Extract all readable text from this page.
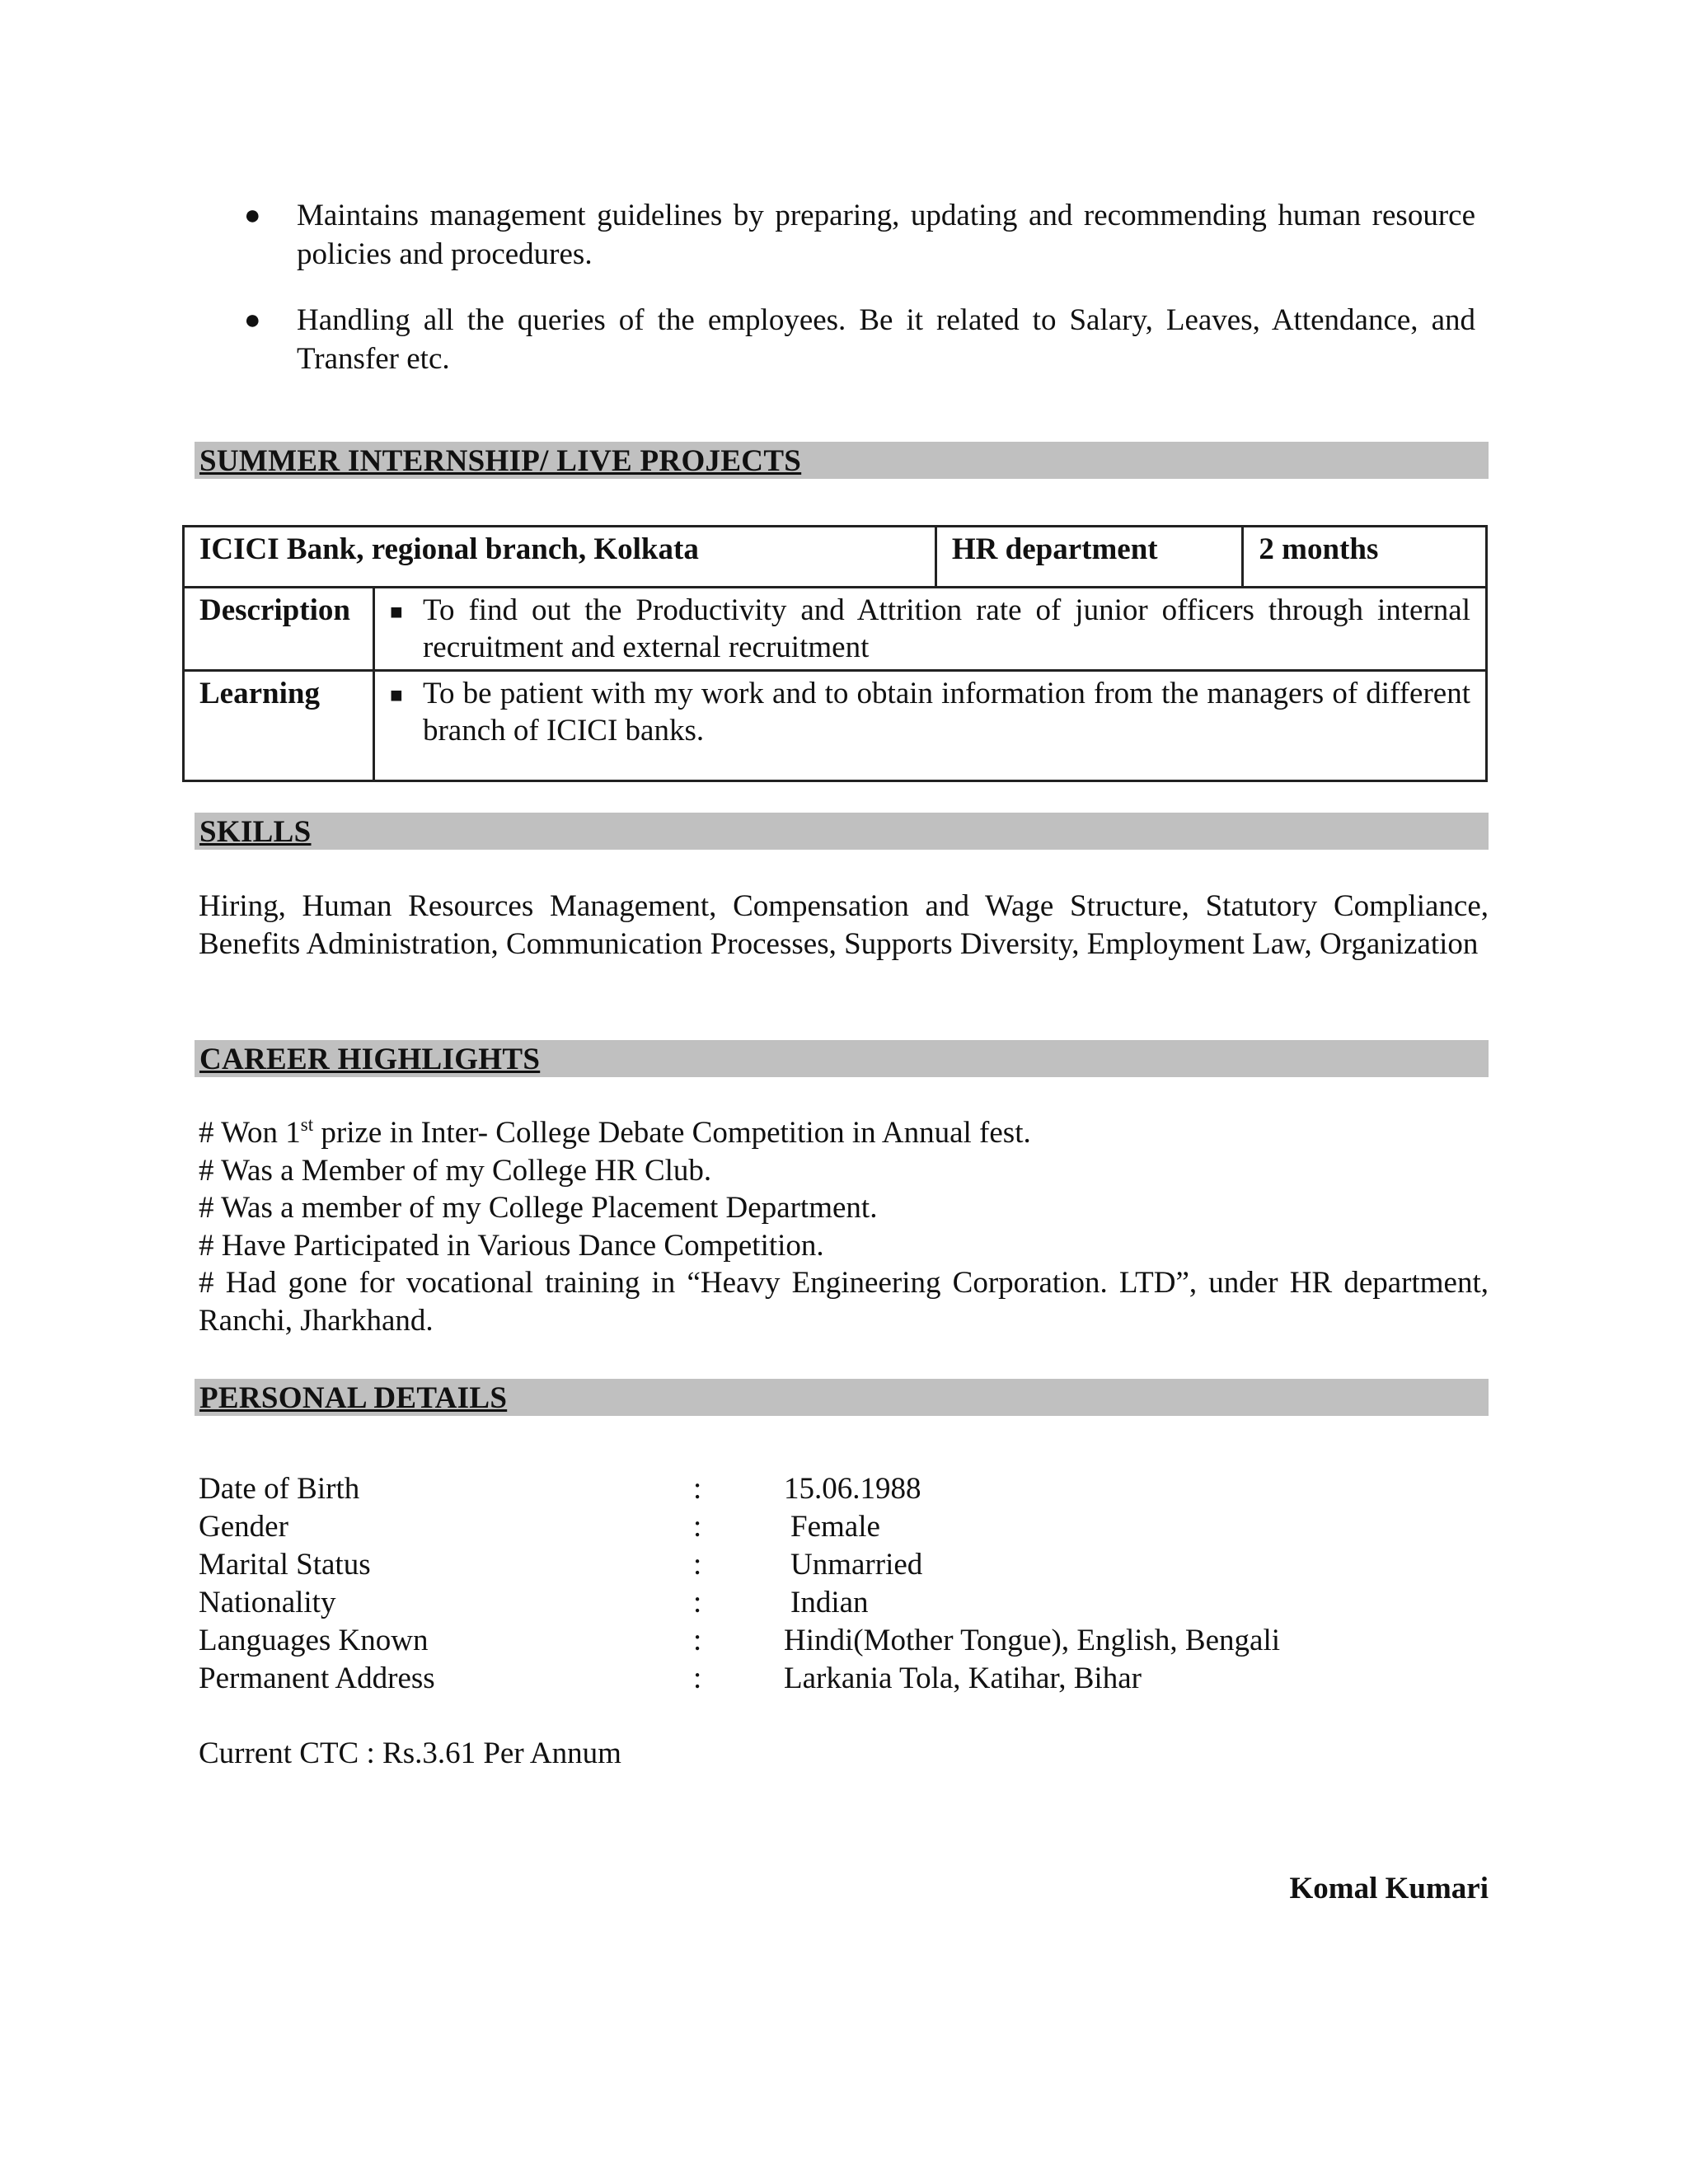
● Maintains management guidelines by preparing, updating and recommending human resource policies and procedures.
● Handling all the queries of the employees. Be it related to Salary, Leaves, Attendance, and Transfer etc.
SUMMER INTERNSHIP/ LIVE PROJECTS
ICICI Bank, regional branch, Kolkata		HR department	2 months
Description	■ To find out the Productivity and Attrition rate of junior officers through internal recruitment and external recruitment		

Learning	■ To be patient with my work and to obtain information from the managers of different branch of ICICI banks.		
SKILLS
Hiring, Human Resources Management, Compensation and Wage Structure, Statutory Compliance, Benefits Administration, Communication Processes, Supports Diversity, Employment Law, Organization
CAREER HIGHLIGHTS
# Won 1st prize in Inter- College Debate Competition in Annual fest.
# Was a Member of my College HR Club.
# Was a member of my College Placement Department.
# Have Participated in Various Dance Competition.
# Had gone for vocational training in “Heavy Engineering Corporation. LTD”, under HR department, Ranchi, Jharkhand.
PERSONAL DETAILS
Date of Birth	:	15.06.1988
Gender	:	Female
Marital Status	:	Unmarried
Nationality	:	Indian
Languages Known	:	Hindi(Mother Tongue), English, Bengali
Permanent Address	:	Larkania Tola, Katihar, Bihar
Current CTC : Rs.3.61 Per Annum
Komal Kumari
